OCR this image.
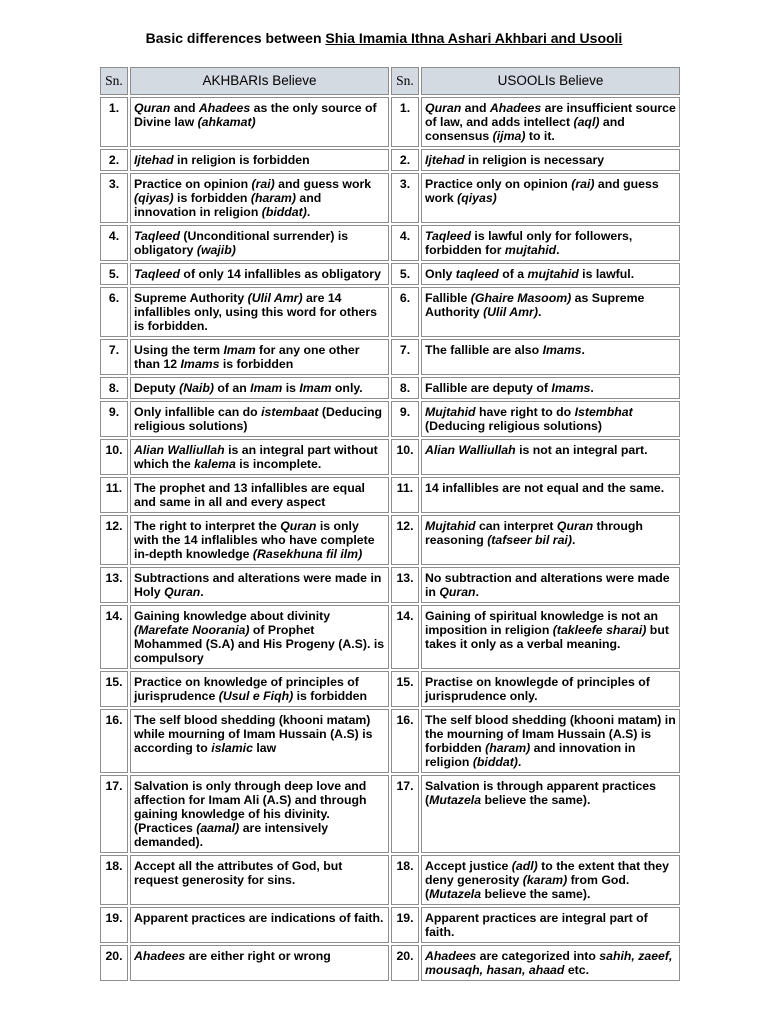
Basic differences between Shia Imamia Ithna Ashari Akhbari and Usooli
Sn.	AKHBARIs Believe	Sn.	USOOLIs Believe
1.	Quran and Ahadees as the only source of Divine law (ahkamat)	1.	Quran and Ahadees are insufficient source of law, and adds intellect (aql) and consensus (ijma) to it.
2.	Ijtehad in religion is forbidden	2.	Ijtehad in religion is necessary
3.	Practice on opinion (rai) and guess work (qiyas) is forbidden (haram) and innovation in religion (biddat).	3.	Practice only on opinion (rai) and guess work (qiyas)
4.	Taqleed (Unconditional surrender) is obligatory (wajib)	4.	Taqleed is lawful only for followers, forbidden for mujtahid.
5.	Taqleed of only 14 infallibles as obligatory	5.	Only taqleed of a mujtahid is lawful.
6.	Supreme Authority (Ulil Amr) are 14 infallibles only, using this word for others is forbidden.	6.	Fallible (Ghaire Masoom) as Supreme Authority (Ulil Amr).
7.	Using the term Imam for any one other than 12 Imams is forbidden	7.	The fallible are also Imams.
8.	Deputy (Naib) of an Imam is Imam only.	8.	Fallible are deputy of Imams.
9.	Only infallible can do istembaat (Deducing religious solutions)	9.	Mujtahid have right to do Istembhat (Deducing religious solutions)
10.	Alian Walliullah is an integral part without which the kalema is incomplete.	10.	Alian Walliullah is not an integral part.
11.	The prophet and 13 infallibles are equal and same in all and every aspect	11.	14 infallibles are not equal and the same.
12.	The right to interpret the Quran is only with the 14 inflalibles who have complete in-depth knowledge (Rasekhuna fil ilm)	12.	Mujtahid can interpret Quran through reasoning (tafseer bil rai).
13.	Subtractions and alterations were made in Holy Quran.	13.	No subtraction and alterations were made in Quran.
14.	Gaining knowledge about divinity (Marefate Noorania) of Prophet Mohammed (S.A) and His Progeny (A.S). is compulsory	14.	Gaining of spiritual knowledge is not an imposition in religion (takleefe sharai) but takes it only as a verbal meaning.
15.	Practice on knowledge of principles of jurisprudence (Usul e Fiqh) is forbidden	15.	Practise on knowlegde of principles of jurisprudence only.
16.	The self blood shedding (khooni matam) while mourning of Imam Hussain (A.S) is according to islamic law	16.	The self blood shedding (khooni matam) in the mourning of Imam Hussain (A.S) is forbidden (haram) and innovation in religion (biddat).
17.	Salvation is only through deep love and affection for Imam Ali (A.S) and through gaining knowledge of his divinity. (Practices (aamal) are intensively demanded).	17.	Salvation is through apparent practices (Mutazela believe the same).
18.	Accept all the attributes of God, but request generosity for sins.	18.	Accept justice (adl) to the extent that they deny generosity (karam) from God. (Mutazela believe the same).
19.	Apparent practices are indications of faith.	19.	Apparent practices are integral part of faith.
20.	Ahadees are either right or wrong	20.	Ahadees are categorized into sahih, zaeef, mousaqh, hasan, ahaad etc.
